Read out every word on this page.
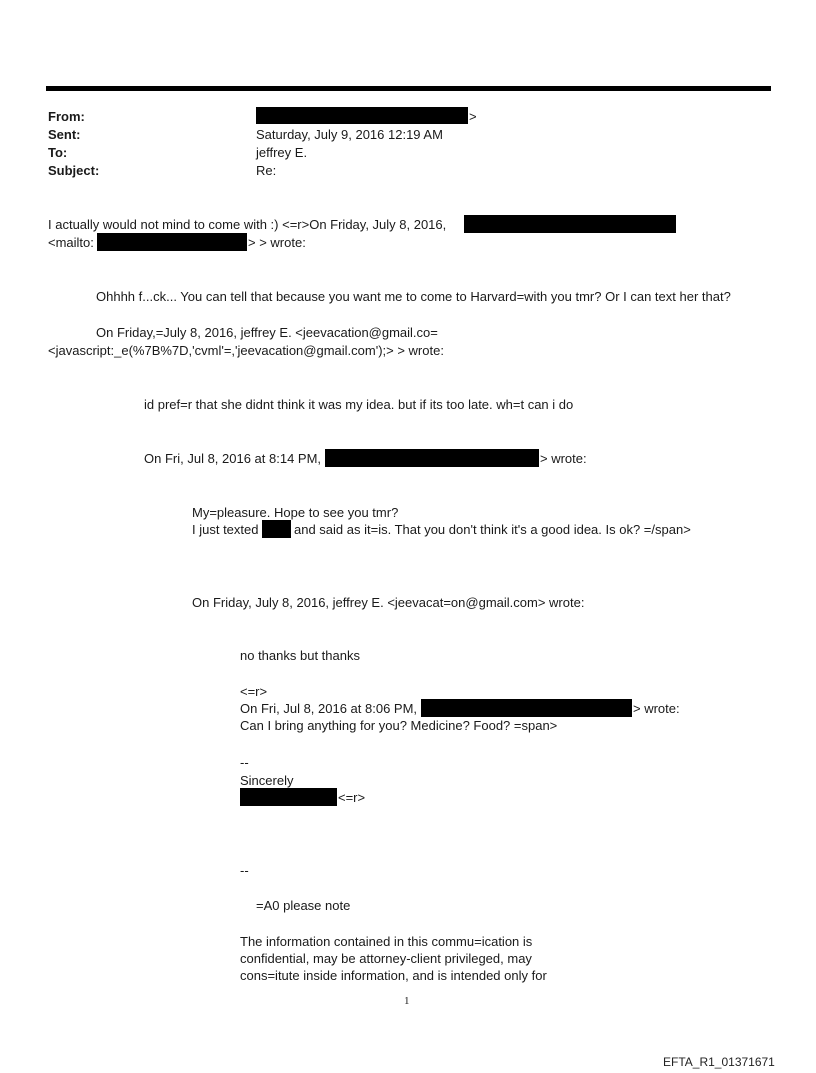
From:	>
Sent:	Saturday, July 9, 2016 12:19 AM
To:	jeffrey E.
Subject:	Re:
I actually would not mind to come with :) <=r>On Friday, July 8, 2016,
<mailto:	> > wrote:
Ohhhh f...ck... You can tell that because you want me to come to Harvard=with you tmr? Or I can text her that?
On Friday,=July 8, 2016, jeffrey E. <jeevacation@gmail.co=
<javascript:_e(%7B%7D,'cvml'=,'jeevacation@gmail.com');> > wrote:
id pref=r that she didnt think it was my idea. but if its too late. wh=t can i do
On Fri, Jul 8, 2016 at 8:14 PM,	> wrote:
My=pleasure. Hope to see you tmr?
I just texted	and said as it=is. That you don't think it's a good idea. Is ok? =/span>
On Friday, July 8, 2016, jeffrey E. <jeevacat=on@gmail.com> wrote:
no thanks but thanks
<=r>
On Fri, Jul 8, 2016 at 8:06 PM,	> wrote:
Can I bring anything for you? Medicine? Food? =span>
--
Sincerely
<=r>
--
=A0 please note
The information contained in this commu=ication is
confidential, may be attorney-client privileged, may
cons=itute inside information, and is intended only for
1
EFTA_R1_01371671
